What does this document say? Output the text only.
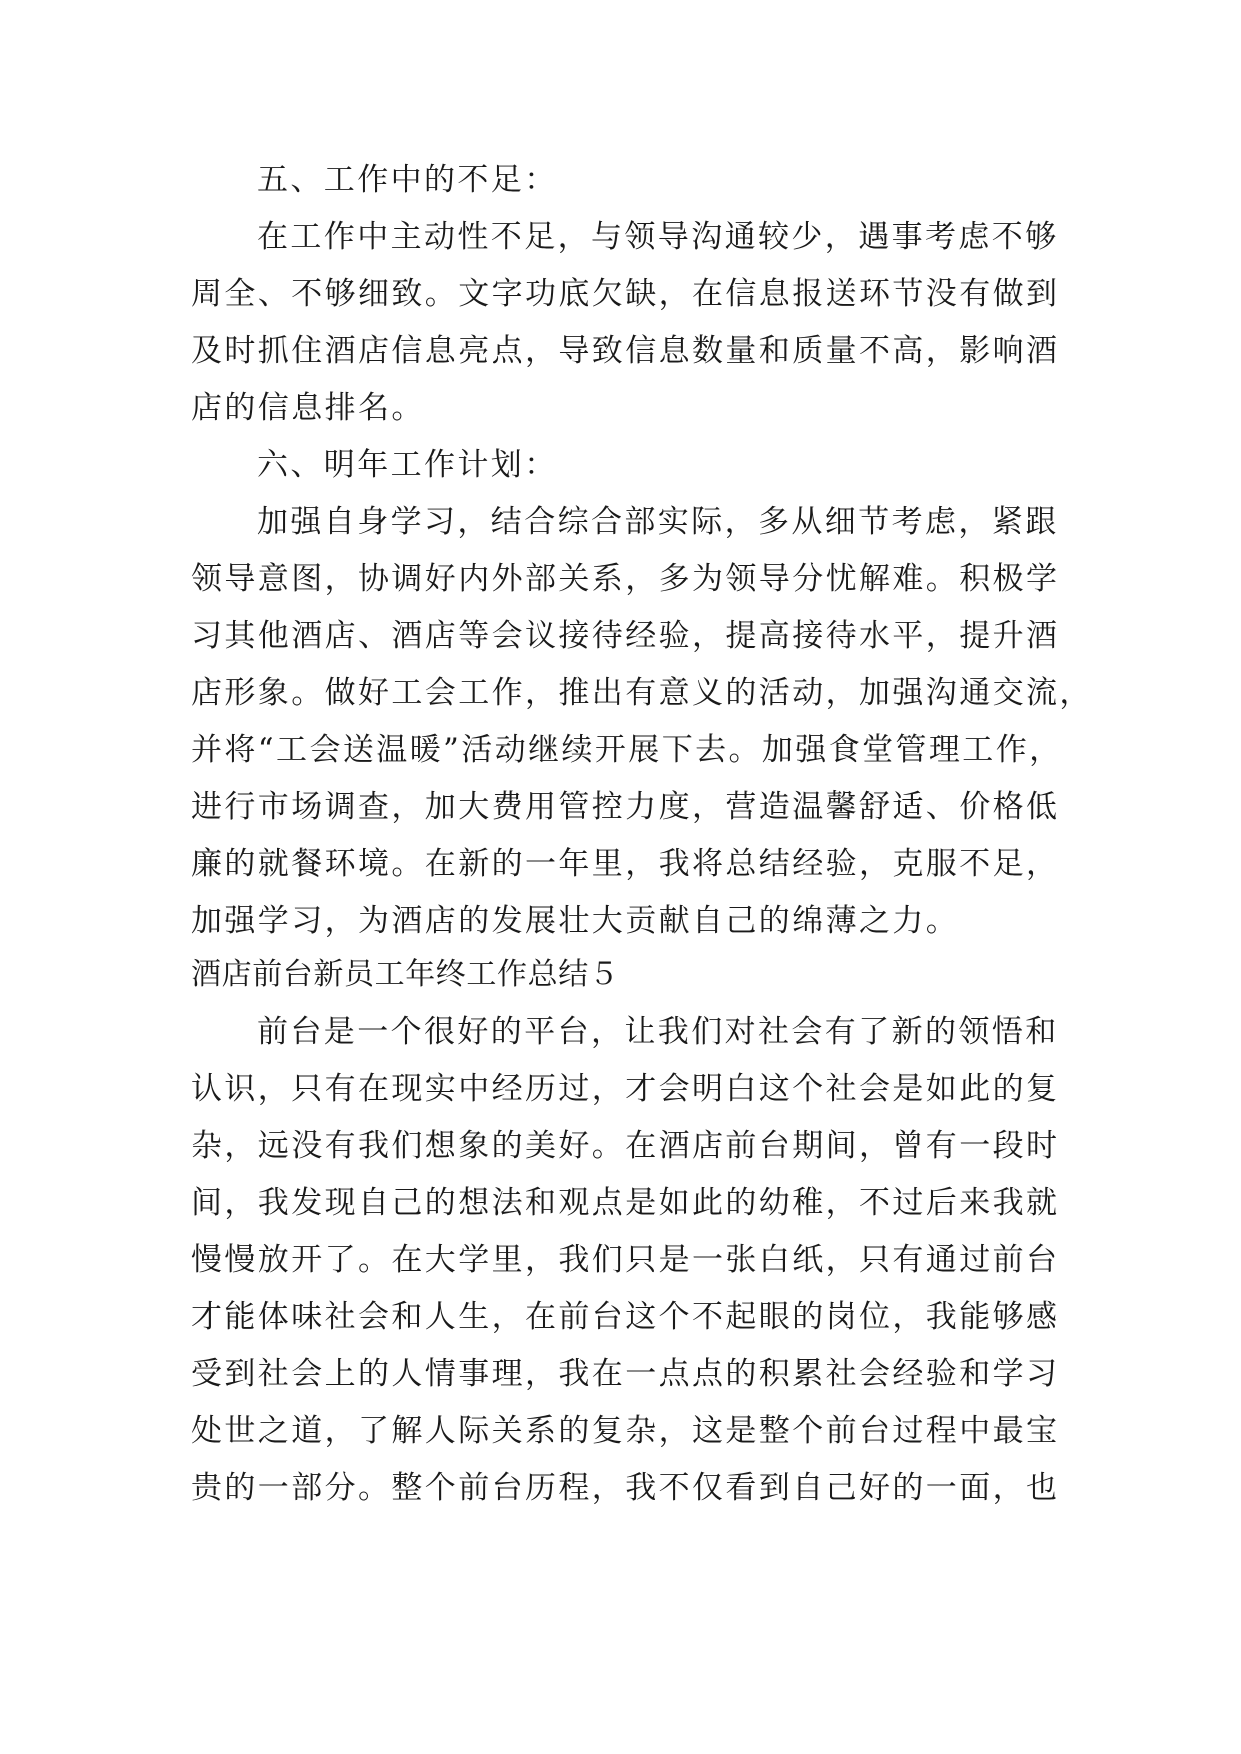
五、工作中的不足：
在工作中主动性不足，与领导沟通较少，遇事考虑不够
周全、不够细致。文字功底欠缺，在信息报送环节没有做到
及时抓住酒店信息亮点，导致信息数量和质量不高，影响酒
店的信息排名。
六、明年工作计划：
加强自身学习，结合综合部实际，多从细节考虑，紧跟
领导意图，协调好内外部关系，多为领导分忧解难。积极学
习其他酒店、酒店等会议接待经验，提高接待水平，提升酒
店形象。做好工会工作，推出有意义的活动，加强沟通交流，
并将“工会送温暖”活动继续开展下去。加强食堂管理工作，
进行市场调查，加大费用管控力度，营造温馨舒适、价格低
廉的就餐环境。在新的一年里，我将总结经验，克服不足，
加强学习，为酒店的发展壮大贡献自己的绵薄之力。
酒店前台新员工年终工作总结５
前台是一个很好的平台，让我们对社会有了新的领悟和
认识，只有在现实中经历过，才会明白这个社会是如此的复
杂，远没有我们想象的美好。在酒店前台期间，曾有一段时
间，我发现自己的想法和观点是如此的幼稚，不过后来我就
慢慢放开了。在大学里，我们只是一张白纸，只有通过前台
才能体味社会和人生，在前台这个不起眼的岗位，我能够感
受到社会上的人情事理，我在一点点的积累社会经验和学习
处世之道，了解人际关系的复杂，这是整个前台过程中最宝
贵的一部分。整个前台历程，我不仅看到自己好的一面，也
